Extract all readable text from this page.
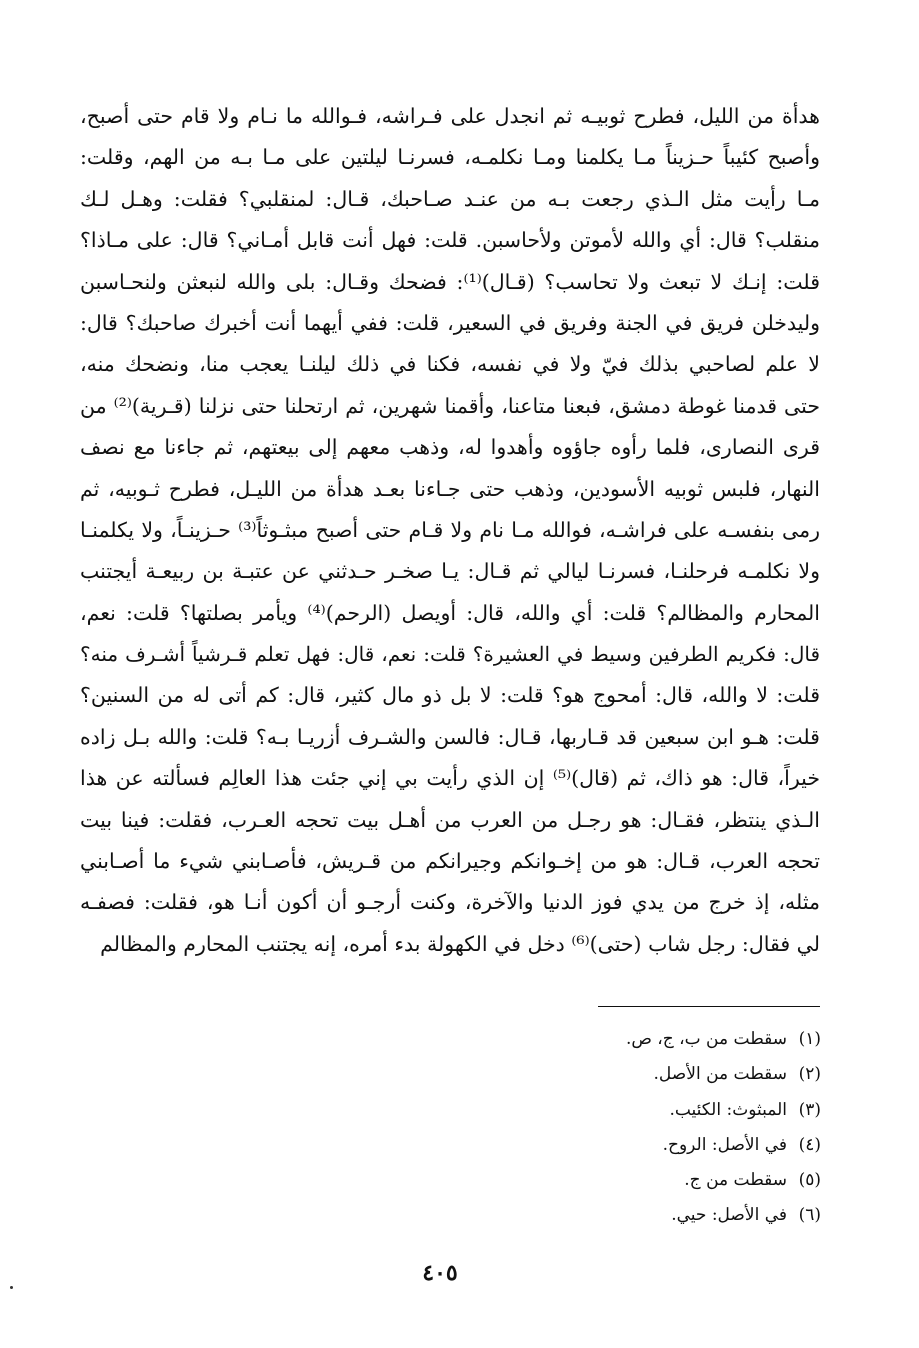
هدأة من الليل، فطرح ثوبيـه ثم انجدل على فـراشه، فـوالله ما نـام ولا قام حتى أصبح،
وأصبح كئيباً حـزيناً مـا يكلمنا ومـا نكلمـه، فسرنـا ليلتين على مـا بـه من الهم، وقلت:
مـا رأيت مثل الـذي رجعت بـه من عنـد صـاحبك، قـال: لمنقلبي؟ فقلت: وهـل لـك
منقلب؟ قال: أي والله لأموتن ولأحاسبن. قلت: فهل أنت قابل أمـاني؟ قال: على مـاذا؟
قلت: إنـك لا تبعث ولا تحاسب؟ (قـال)⁽¹⁾: فضحك وقـال: بلى والله لنبعثن ولنحـاسبن
وليدخلن فريق في الجنة وفريق في السعير، قلت: ففي أيهما أنت أخبرك صاحبك؟ قال:
لا علم لصاحبي بذلك فيّ ولا في نفسه، فكنا في ذلك ليلنـا يعجب منا، ونضحك منه،
حتى قدمنا غوطة دمشق، فبعنا متاعنا، وأقمنا شهرين، ثم ارتحلنا حتى نزلنا (قـرية)⁽²⁾ من
قرى النصارى، فلما رأوه جاؤوه وأهدوا له، وذهب معهم إلى بيعتهم، ثم جاءنا مع نصف
النهار، فلبس ثوبيه الأسودين، وذهب حتى جـاءنا بعـد هدأة من الليـل، فطرح ثـوبيه، ثم
رمى بنفسـه على فراشـه، فوالله مـا نام ولا قـام حتى أصبح مبثـوثاً⁽³⁾ حـزينـاً، ولا يكلمنـا
ولا نكلمـه فرحلنـا، فسرنـا ليالي ثم قـال: يـا صخـر حـدثني عن عتبـة بن ربيعـة أيجتنب
المحارم والمظالم؟ قلت: أي والله، قال: أويصل (الرحم)⁽⁴⁾ ويأمر بصلتها؟ قلت: نعم،
قال: فكريم الطرفين وسيط في العشيرة؟ قلت: نعم، قال: فهل تعلم قـرشياً أشـرف منه؟
قلت: لا والله، قال: أمحوج هو؟ قلت: لا بل ذو مال كثير، قال: كم أتى له من السنين؟
قلت: هـو ابن سبعين قد قـاربها، قـال: فالسن والشـرف أزريـا بـه؟ قلت: والله بـل زاده
خيراً، قال: هو ذاك، ثم (قال)⁽⁵⁾ إن الذي رأيت بي إني جئت هذا العالِم فسألته عن هذا
الـذي ينتظر، فقـال: هو رجـل من العرب من أهـل بيت تحجه العـرب، فقلت: فينا بيت
تحجه العرب، قـال: هو من إخـوانكم وجيرانكم من قـريش، فأصـابني شيء ما أصـابني
مثله، إذ خرج من يدي فوز الدنيا والآخرة، وكنت أرجـو أن أكون أنـا هو، فقلت: فصفـه
لي فقال: رجل شاب (حتى)⁽⁶⁾ دخل في الكهولة بدء أمره، إنه يجتنب المحارم والمظالم
(١)سقطت من ب، ج، ص.
(٢)سقطت من الأصل.
(٣)المبثوث: الكئيب.
(٤)في الأصل: الروح.
(٥)سقطت من ج.
(٦)في الأصل: حيي.
٤٠٥
